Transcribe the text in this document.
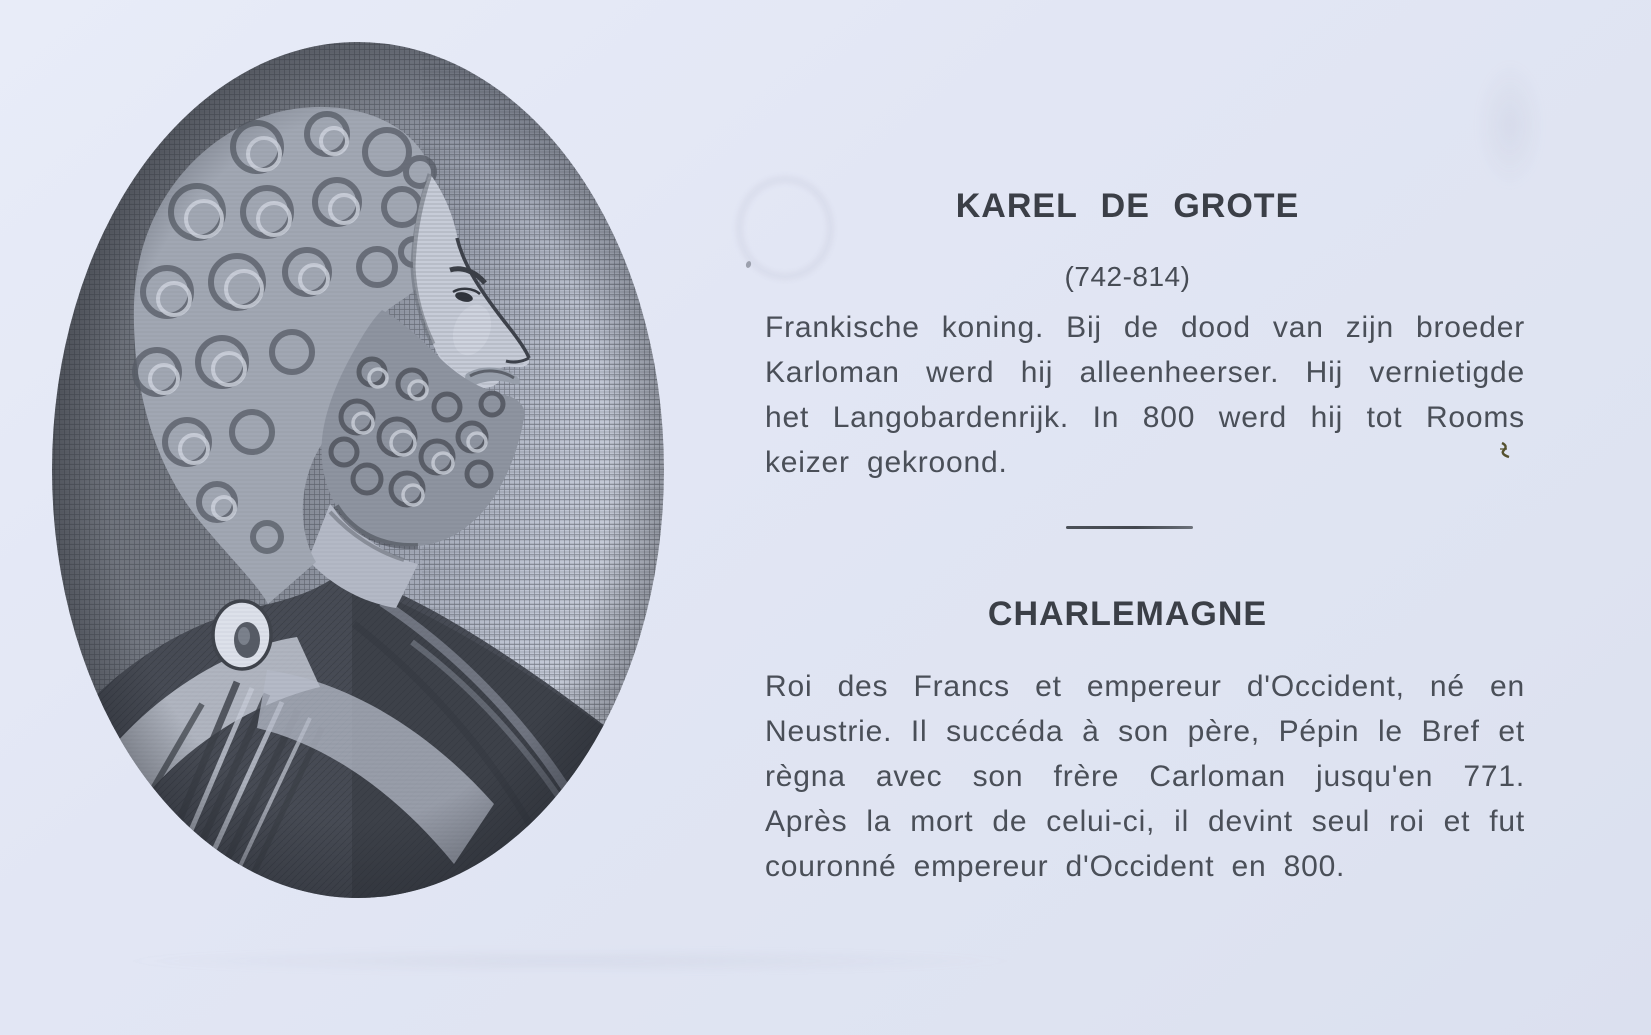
KAREL DE GROTE
(742-814)
Frankische koning. Bij de dood van zijn broeder
Karloman werd hij alleenheerser. Hij vernietigde
het Langobardenrijk. In 800 werd hij tot Rooms
keizer gekroond.
CHARLEMAGNE
Roi des Francs et empereur d'Occident, né en
Neustrie. Il succéda à son père, Pépin le Bref et
règna avec son frère Carloman jusqu'en 771.
Après la mort de celui-ci, il devint seul roi et fut
couronné empereur d'Occident en 800.
